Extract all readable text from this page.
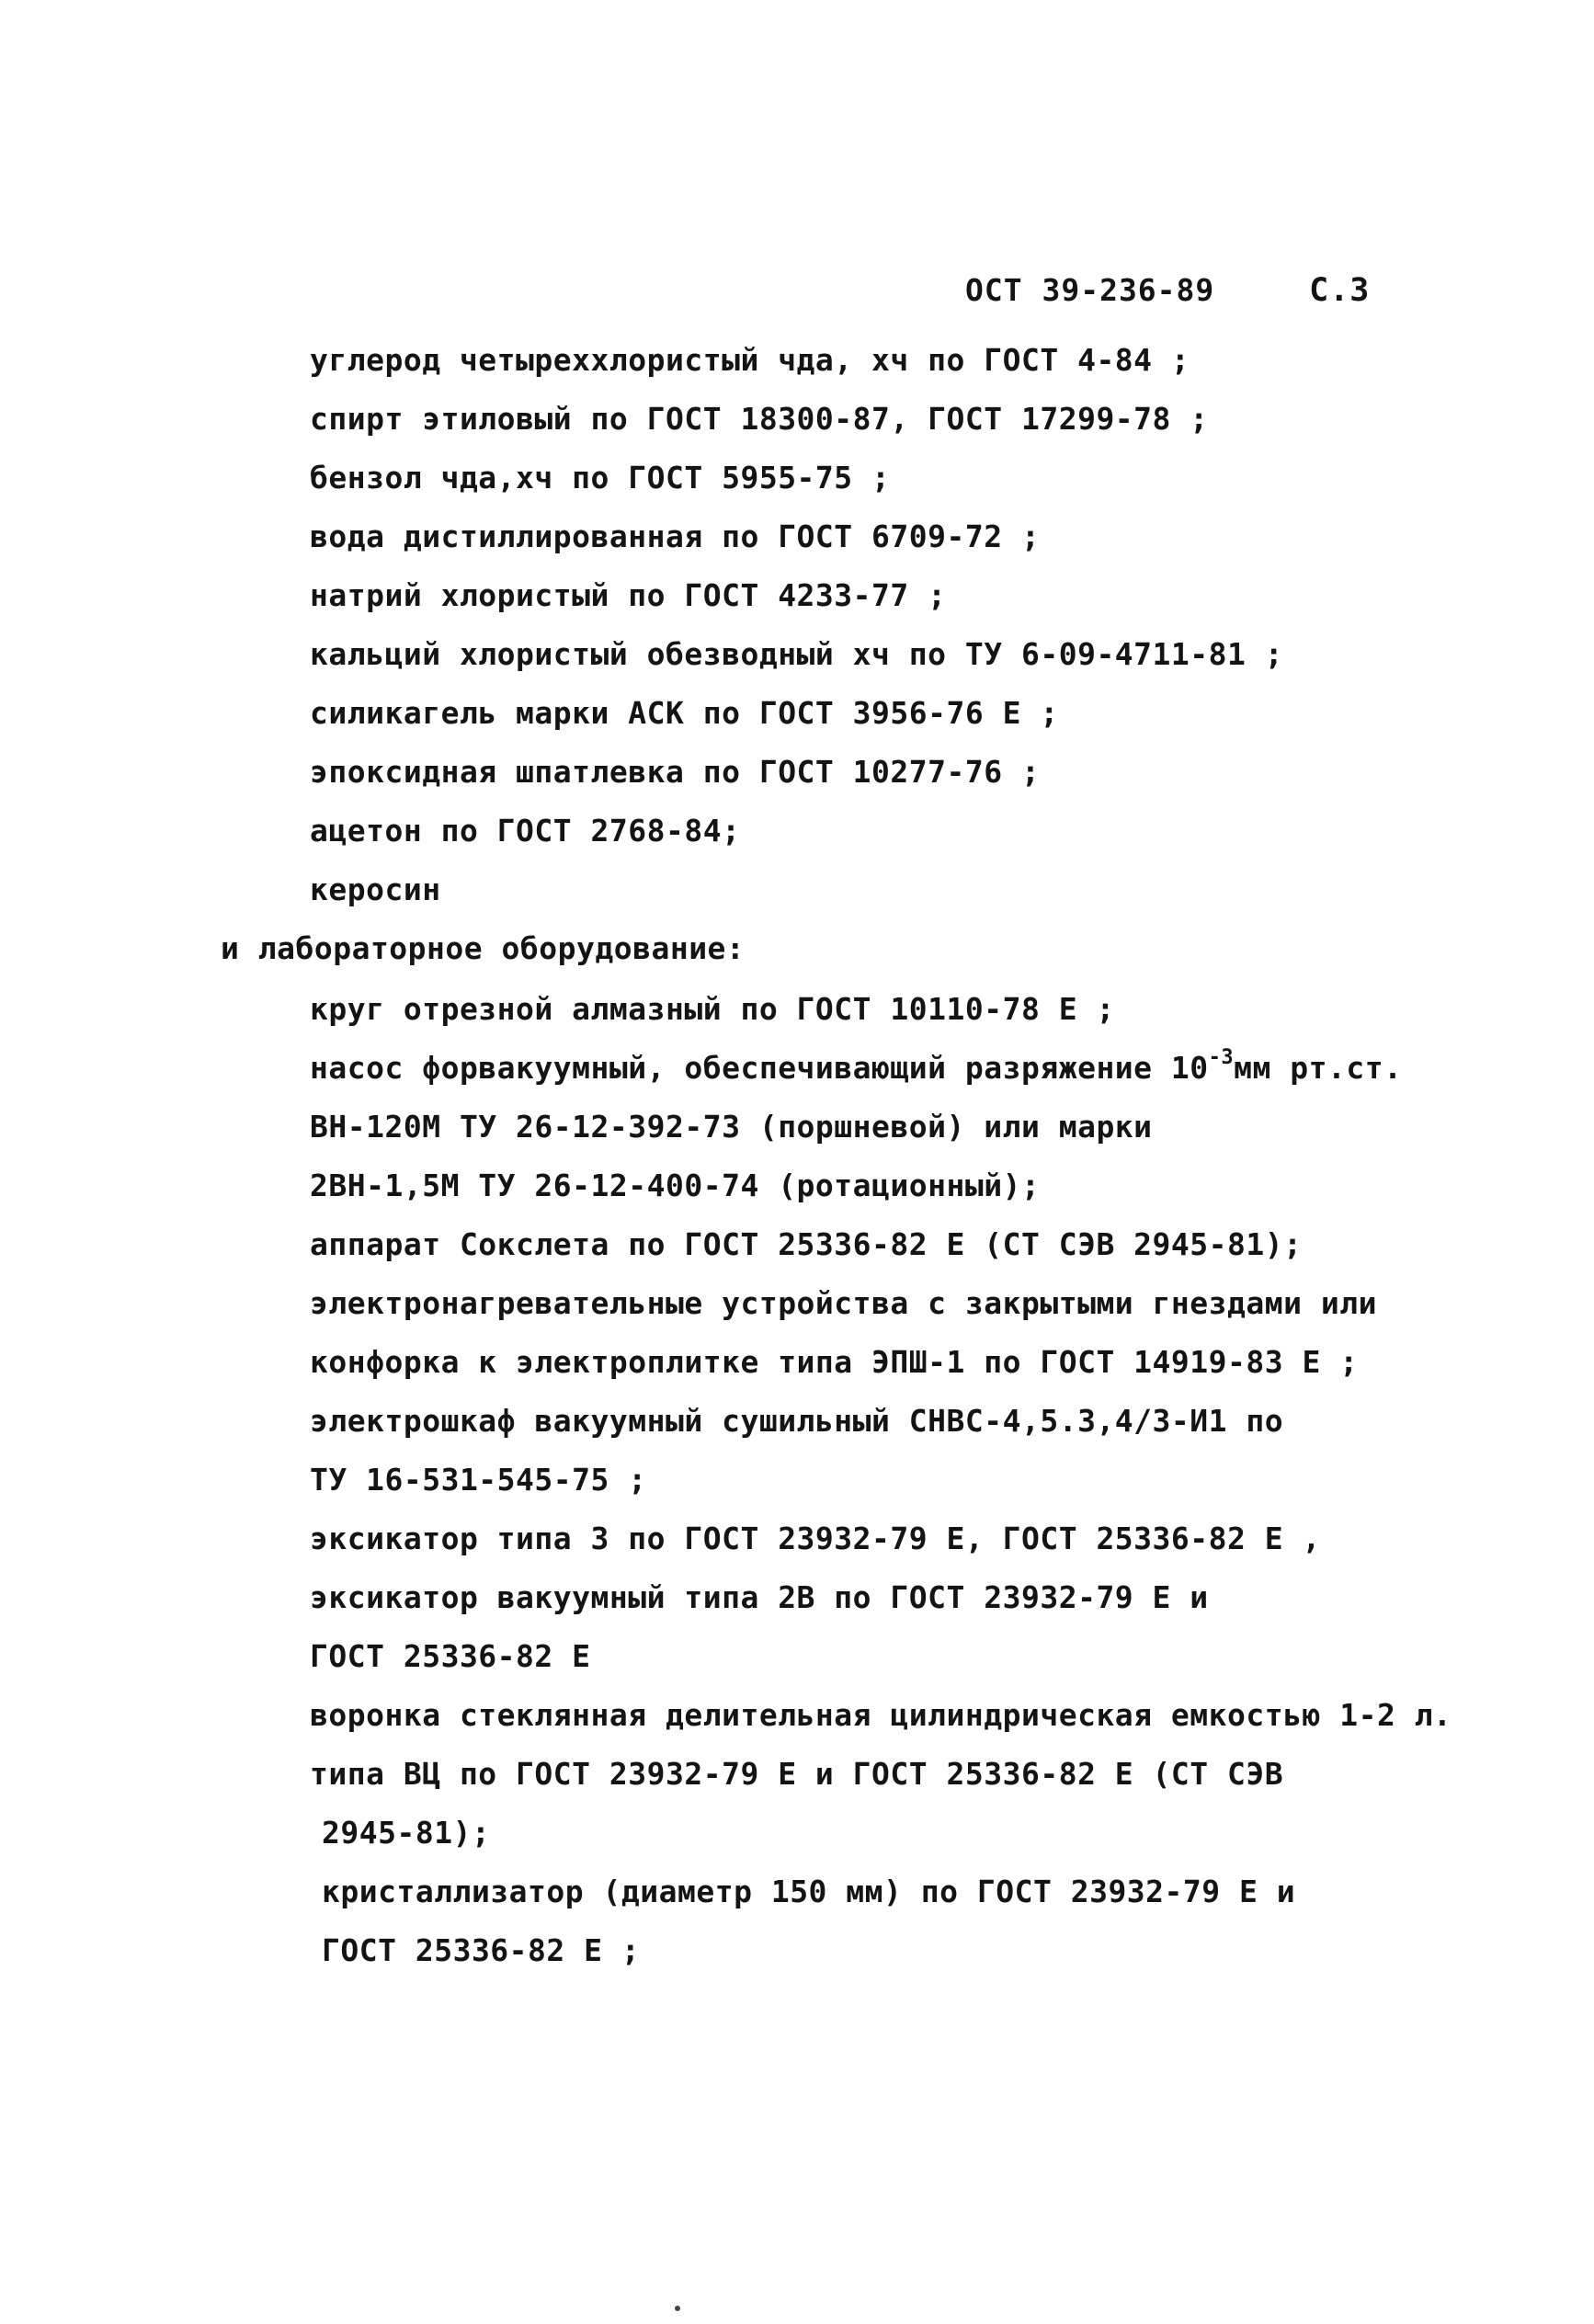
ОСТ 39-236-89	С.3
углерод четыреххлористый чда, хч по ГОСТ 4-84 ;
спирт этиловый по ГОСТ 18300-87, ГОСТ 17299-78 ;
бензол чда,хч по ГОСТ 5955-75 ;
вода дистиллированная по ГОСТ 6709-72 ;
натрий хлористый по ГОСТ 4233-77 ;
кальций хлористый обезводный хч по ТУ 6-09-4711-81 ;
силикагель марки АСК по ГОСТ 3956-76 Е ;
эпоксидная шпатлевка по ГОСТ 10277-76 ;
ацетон по ГОСТ 2768-84;
керосин
и лабораторное оборудование:
круг отрезной алмазный по ГОСТ 10110-78 Е ;
насос форвакуумный, обеспечивающий разряжение $10^{-3}мм$ рт.ст.
ВН-120М ТУ 26-12-392-73 (поршневой) или марки
2ВН-1,5М ТУ 26-12-400-74 (ротационный);
аппарат Сокслета по ГОСТ 25336-82 Е (СТ СЭВ 2945-81);
электронагревательные устройства с закрытыми гнездами или
конфорка к электроплитке типа ЭПШ-1 по ГОСТ 14919-83 Е ;
электрошкаф вакуумный сушильный СНВС-4,5.3,4/3-И1 по
ТУ 16-531-545-75 ;
эксикатор типа 3 по ГОСТ 23932-79 Е, ГОСТ 25336-82 Е ,
эксикатор вакуумный типа 2В по ГОСТ 23932-79 Е и
ГОСТ 25336-82 Е
воронка стеклянная делительная цилиндрическая емкостью 1-2 л.
типа ВЦ по ГОСТ 23932-79 Е и ГОСТ 25336-82 Е (СТ СЭВ
2945-81);
кристаллизатор (диаметр 150 мм) по ГОСТ 23932-79 Е и
ГОСТ 25336-82 Е ;
